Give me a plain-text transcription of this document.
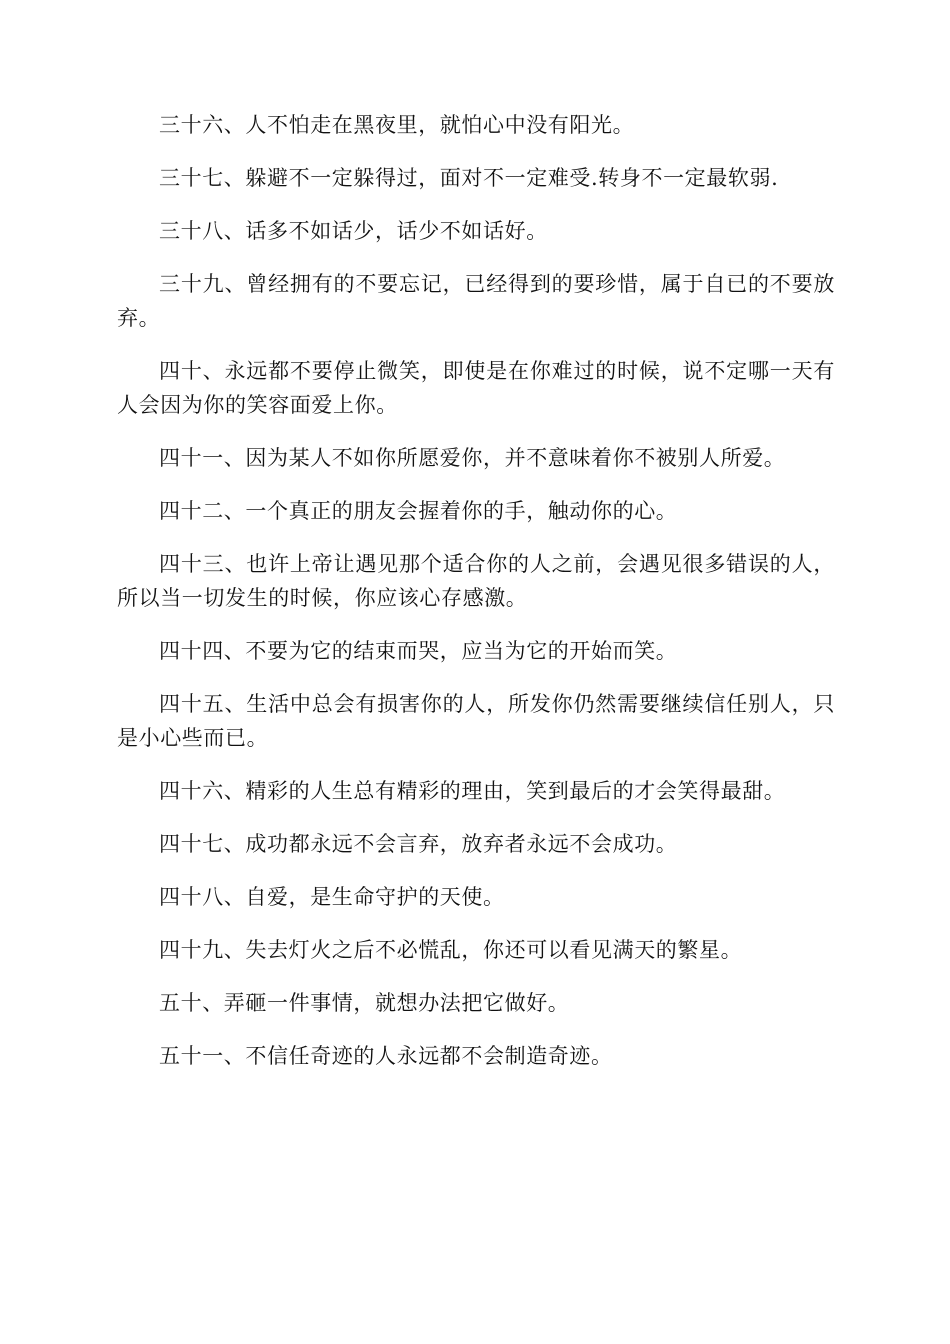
三十六、人不怕走在黑夜里，就怕心中没有阳光。

三十七、躲避不一定躲得过，面对不一定难受.转身不一定最软弱.

三十八、话多不如话少，话少不如话好。

三十九、曾经拥有的不要忘记，已经得到的要珍惜，属于自已的不要放弃。

四十、永远都不要停止微笑，即使是在你难过的时候，说不定哪一天有人会因为你的笑容面爱上你。

四十一、因为某人不如你所愿爱你，并不意味着你不被别人所爱。

四十二、一个真正的朋友会握着你的手，触动你的心。

四十三、也许上帝让遇见那个适合你的人之前，会遇见很多错误的人，所以当一切发生的时候，你应该心存感激。

四十四、不要为它的结束而哭，应当为它的开始而笑。

四十五、生活中总会有损害你的人，所发你仍然需要继续信任别人，只是小心些而已。

四十六、精彩的人生总有精彩的理由，笑到最后的才会笑得最甜。

四十七、成功都永远不会言弃，放弃者永远不会成功。

四十八、自爱，是生命守护的天使。

四十九、失去灯火之后不必慌乱，你还可以看见满天的繁星。

五十、弄砸一件事情，就想办法把它做好。

五十一、不信任奇迹的人永远都不会制造奇迹。
